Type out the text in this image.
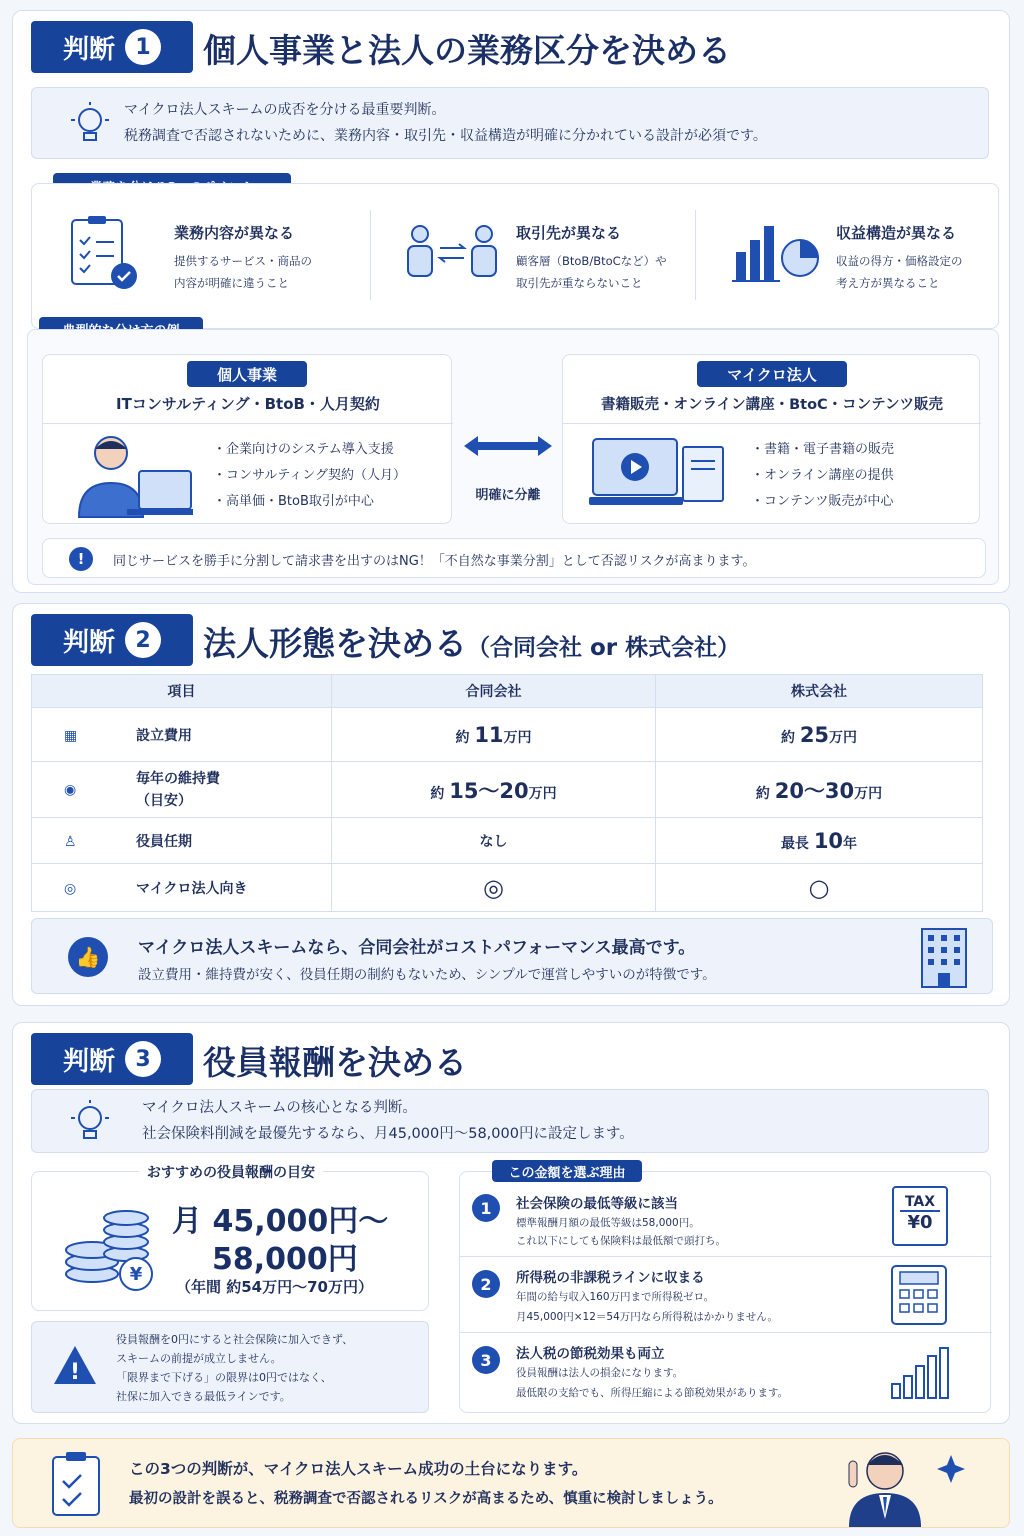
判断 1	個人事業と法人の業務区分を決める
マイクロ法人スキームの成否を分ける最重要判断。
税務調査で否認されないために、業務内容・取引先・収益構造が明確に分かれている設計が必須です。
業務内容が異なる
提供するサービス・商品の
内容が明確に違うこと
取引先が異なる
顧客層（BtoB/BtoCなど）や
取引先が重ならないこと
収益構造が異なる
収益の得方・価格設定の
考え方が異なること
個人事業
ITコンサルティング・BtoB・人月契約
・企業向けのシステム導入支援
・コンサルティング契約（人月）
・高単価・BtoB取引が中心	明確に分離
マイクロ法人
書籍販売・オンライン講座・BtoC・コンテンツ販売
・書籍・電子書籍の販売
・オンライン講座の提供
・コンテンツ販売が中心
!	同じサービスを勝手に分割して請求書を出すのはNG！「不自然な事業分割」として否認リスクが高まります。
判断 2	法人形態を決める（合同会社 or 株式会社）
項目	合同会社	株式会社
▦ 設立費用	約 11万円	約 25万円
◉毎年の維持費
（目安）	約 15～20万円	約 20～30万円
♙ 役員任期	なし	最長 10年
◎ マイクロ法人向き	◎	○
👍	マイクロ法人スキームなら、合同会社がコストパフォーマンス最高です。
設立費用・維持費が安く、役員任期の制約もないため、シンプルで運営しやすいのが特徴です。
判断 3	役員報酬を決める
マイクロ法人スキームの核心となる判断。
社会保険料削減を最優先するなら、月45,000円～58,000円に設定します。
おすすめの役員報酬の目安
¥
月 45,000円～
58,000円
（年間 約54万円～70万円）
!
役員報酬を0円にすると社会保険に加入できず、
スキームの前提が成立しません。
「限界まで下げる」の限界は0円ではなく、
社保に加入できる最低ラインです。
この金額を選ぶ理由
1	社会保険の最低等級に該当
標準報酬月額の最低等級は58,000円。
これ以下にしても保険料は最低額で頭打ち。
TAX
¥0
2	所得税の非課税ラインに収まる
年間の給与収入160万円まで所得税ゼロ。
月45,000円×12＝54万円なら所得税はかかりません。
3	法人税の節税効果も両立
役員報酬は法人の損金になります。
最低限の支給でも、所得圧縮による節税効果があります。
この3つの判断が、マイクロ法人スキーム成功の土台になります。
最初の設計を誤ると、税務調査で否認されるリスクが高まるため、慎重に検討しましょう。
